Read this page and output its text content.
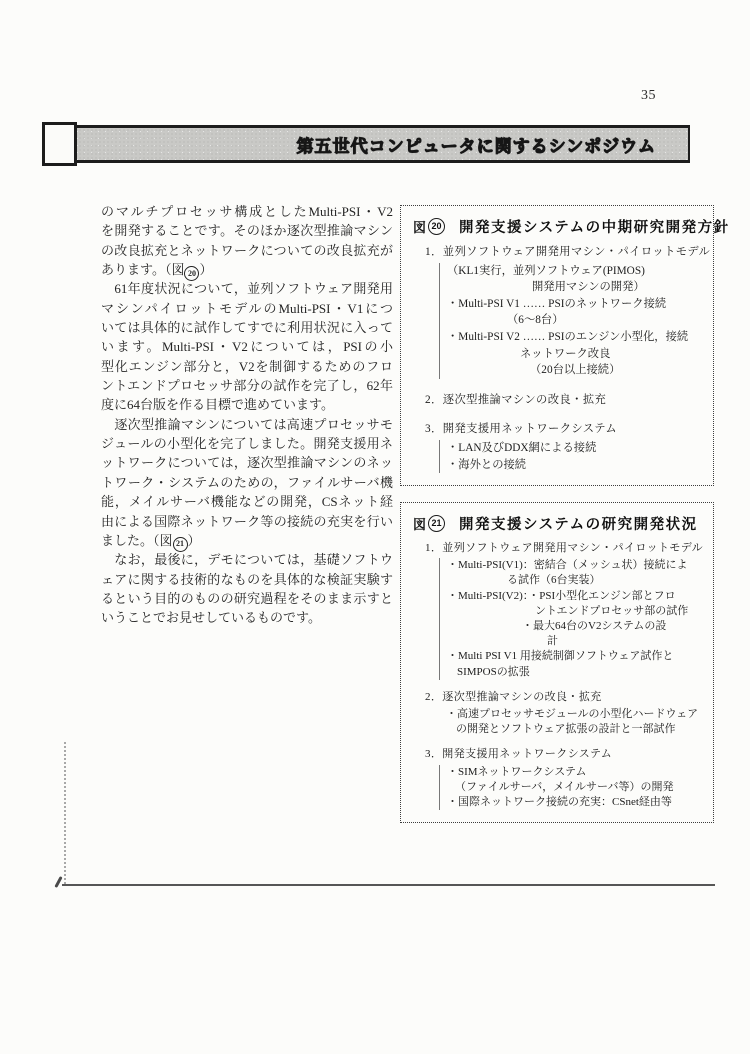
35
第五世代コンピュータに関するシンポジウム
のマルチプロセッサ構成としたMulti-PSI・V2
を開発することです。そのほか逐次型推論マシン
の改良拡充とネットワークについての改良拡充が
あります。（図 20 ）
　61年度状況について，並列ソフトウェア開発用
マシンパイロットモデルのMulti-PSI・V1につ
いては具体的に試作してすでに利用状況に入って
います。Multi-PSI・V2については，PSIの小
型化エンジン部分と，V2を制御するためのフロ
ントエンドプロセッサ部分の試作を完了し，62年
度に64台版を作る目標で進めています。
　逐次型推論マシンについては高速プロセッサモ
ジュールの小型化を完了しました。開発支援用ネ
ットワークについては，逐次型推論マシンのネッ
トワーク・システムのための，ファイルサーバ機
能，メイルサーバ機能などの開発，CSネット経
由による国際ネットワーク等の接続の充実を行い
ました。（図 21 ）
　なお，最後に，デモについては，基礎ソフトウ
ェアに関する技術的なものを具体的な検証実験す
るという目的のものの研究過程をそのまま示すと
いうことでお見せしているものです。
図 20 開発支援システムの中期研究開発方針
1．並列ソフトウェア開発用マシン・パイロットモデル
（KL1実行，並列ソフトウェア(PIMOS)
開発用マシンの開発）
・Multi-PSI V1 …… PSIのネットワーク接続
（6～8台）
・Multi-PSI V2 …… PSIのエンジン小型化，接続
ネットワーク改良
（20台以上接続）
2．逐次型推論マシンの改良・拡充
3．開発支援用ネットワークシステム
・LAN及びDDX網による接続
・海外との接続
図 21 開発支援システムの研究開発状況
1．並列ソフトウェア開発用マシン・パイロットモデル
・Multi-PSI(V1)：密結合（メッシュ状）接続によ
る試作（6台実装）
・Multi-PSI(V2)：・PSI小型化エンジン部とフロ
ントエンドプロセッサ部の試作
・最大64台のV2システムの設
計
・Multi PSI V1 用接続制御ソフトウェア試作と
SIMPOSの拡張
2．逐次型推論マシンの改良・拡充
・高速プロセッサモジュールの小型化ハードウェア
の開発とソフトウェア拡張の設計と一部試作
3．開発支援用ネットワークシステム
・SIMネットワークシステム
（ファイルサーバ，メイルサーバ等）の開発
・国際ネットワーク接続の充実：CSnet経由等
